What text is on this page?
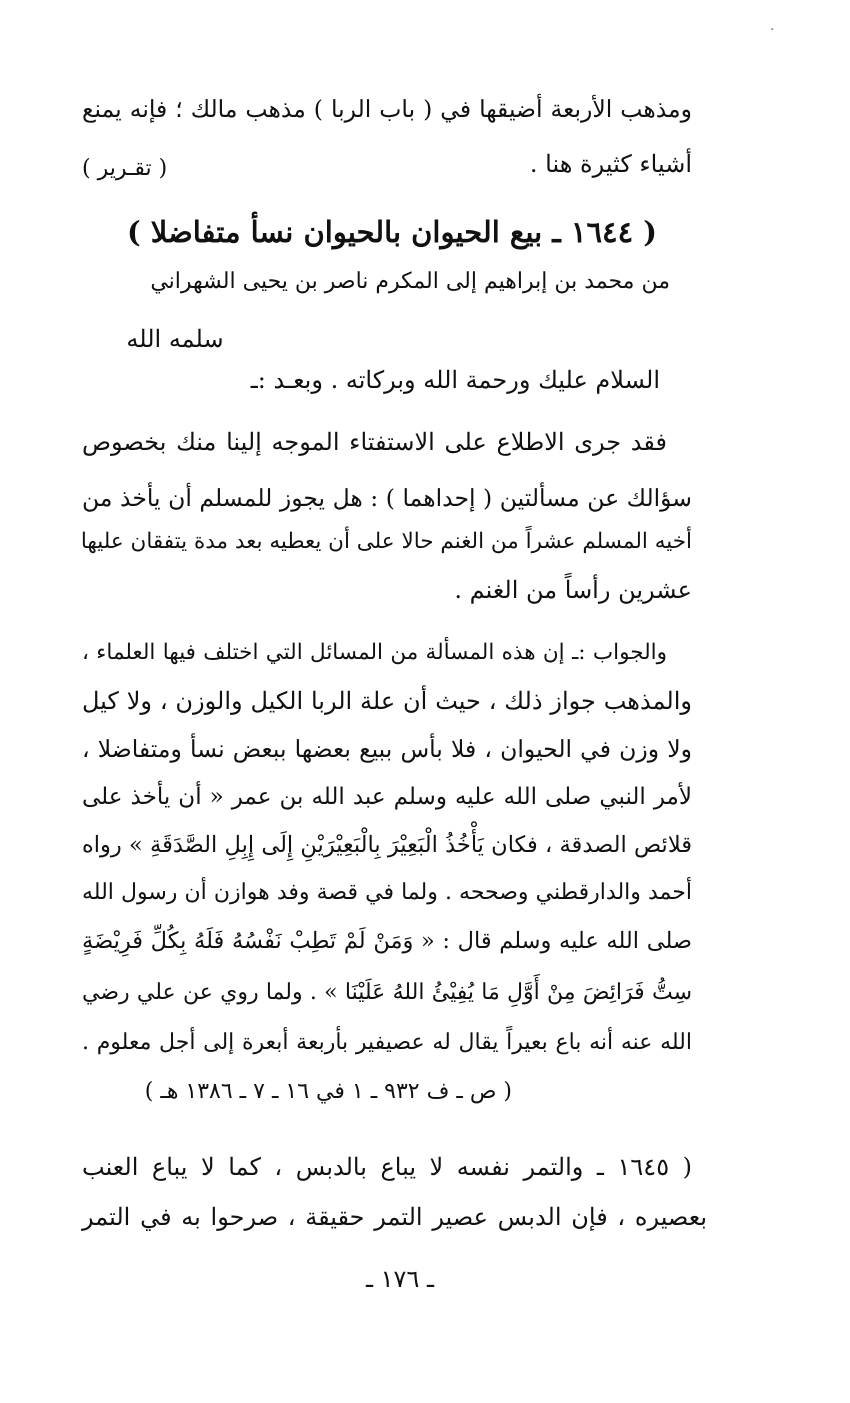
·
ومذهب الأربعة أضيقها في ( باب الربا ) مذهب مالك ؛ فإنه يمنع
أشياء كثيرة هنا .
( تقـرير )
( ١٦٤٤ ـ بيع الحيوان بالحيوان نسأ متفاضلا )
من محمد بن إبراهيم إلى المكرم ناصر بن يحيى الشهراني
سلمه الله
السلام عليك ورحمة الله وبركاته . وبعـد :ـ
فقد جرى الاطلاع على الاستفتاء الموجه إلينا منك بخصوص
سؤالك عن مسألتين ( إحداهما ) : هل يجوز للمسلم أن يأخذ من
أخيه المسلم عشراً من الغنم حالا على أن يعطيه بعد مدة يتفقان عليها
عشرين رأساً من الغنم .
والجواب :ـ إن هذه المسألة من المسائل التي اختلف فيها العلماء ،
والمذهب جواز ذلك ، حيث أن علة الربا الكيل والوزن ، ولا كيل
ولا وزن في الحيوان ، فلا بأس ببيع بعضها ببعض نسأ ومتفاضلا ،
لأمر النبي صلى الله عليه وسلم عبد الله بن عمر « أن يأخذ على
قلائص الصدقة ، فكان يَأْخُذُ الْبَعِيْرَ بِالْبَعِيْرَيْنِ إِلَى إِبِلِ الصَّدَقَةِ » رواه
أحمد والدارقطني وصححه . ولما في قصة وفد هوازن أن رسول الله
صلى الله عليه وسلم قال : « وَمَنْ لَمْ تَطِبْ نَفْسُهُ فَلَهُ بِكُلِّ فَرِيْضَةٍ
سِتُّ فَرَائِضَ مِنْ أَوَّلِ مَا يُفِيْئُ اللهُ عَلَيْنَا » . ولما روي عن علي رضي
الله عنه أنه باع بعيراً يقال له عصيفير بأربعة أبعرة إلى أجل معلوم .
( ص ـ ف ٩٣٢ ـ ١ في ١٦ ـ ٧ ـ ١٣٨٦ هـ )
( ١٦٤٥ ـ والتمر نفسه لا يباع بالدبس ، كما لا يباع العنب
بعصيره ، فإن الدبس عصير التمر حقيقة ، صرحوا به في التمر
ـ ١٧٦ ـ
